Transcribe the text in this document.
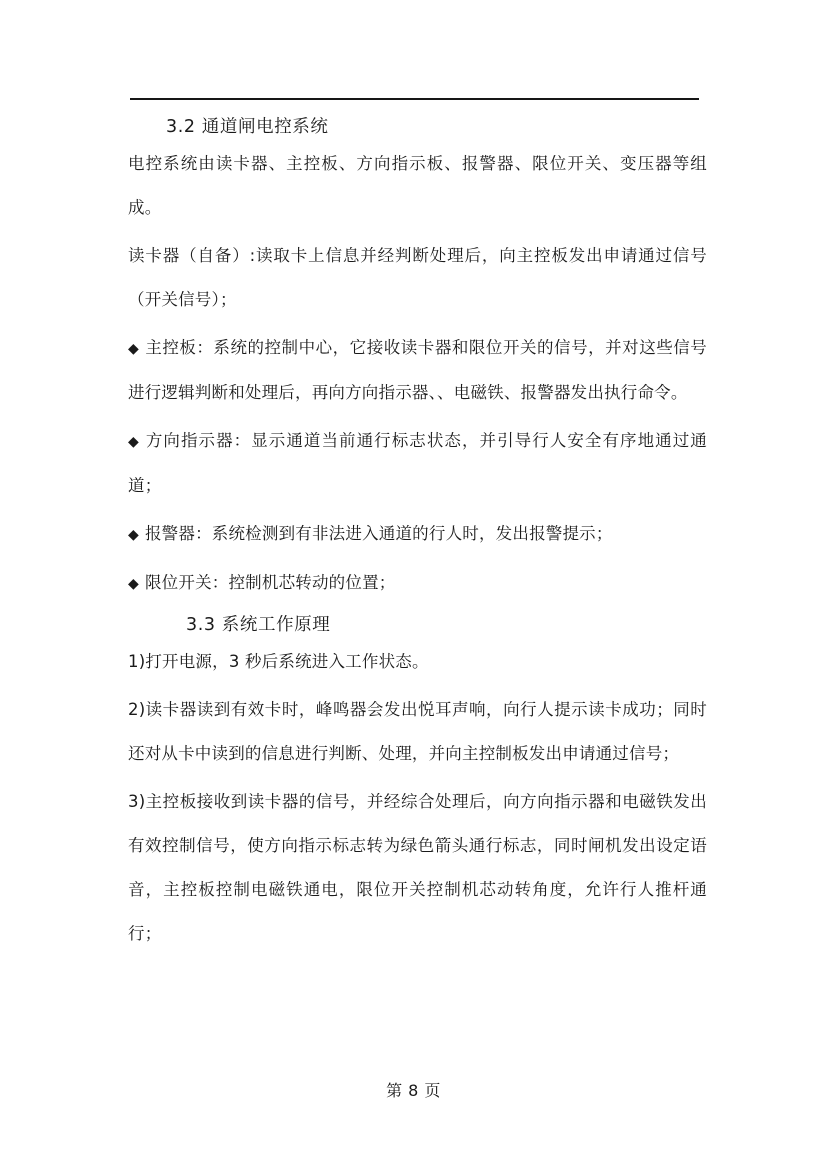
3.2 通道闸电控系统

电控系统由读卡器、主控板、方向指示板、报警器、限位开关、变压器等组成。

读卡器（自备）:读取卡上信息并经判断处理后，向主控板发出申请通过信号（开关信号）；

◆ 主控板：系统的控制中心，它接收读卡器和限位开关的信号，并对这些信号进行逻辑判断和处理后，再向方向指示器、、电磁铁、报警器发出执行命令。

◆ 方向指示器：显示通道当前通行标志状态，并引导行人安全有序地通过通道；

◆ 报警器：系统检测到有非法进入通道的行人时，发出报警提示；

◆ 限位开关：控制机芯转动的位置；

3.3 系统工作原理

1)打开电源，3 秒后系统进入工作状态。

2)读卡器读到有效卡时，峰鸣器会发出悦耳声响，向行人提示读卡成功；同时还对从卡中读到的信息进行判断、处理，并向主控制板发出申请通过信号；

3)主控板接收到读卡器的信号，并经综合处理后，向方向指示器和电磁铁发出有效控制信号，使方向指示标志转为绿色箭头通行标志，同时闸机发出设定语音，主控板控制电磁铁通电，限位开关控制机芯动转角度，允许行人推杆通行；

第 8 页
